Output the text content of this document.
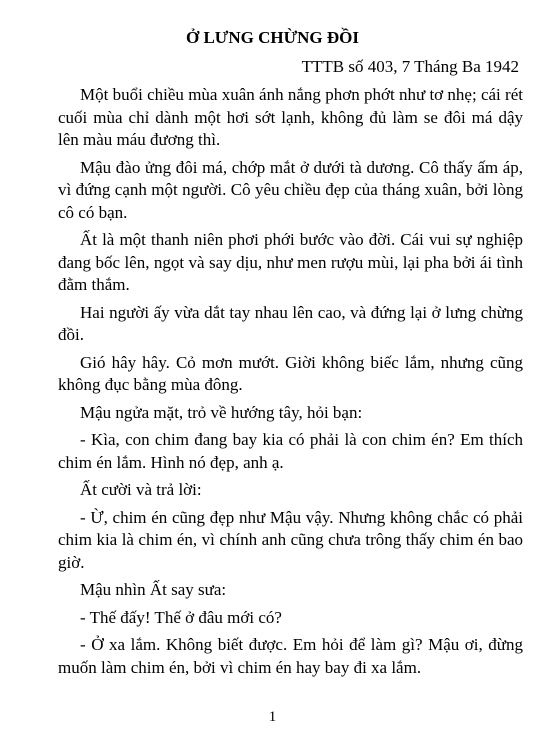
Ở LƯNG CHỪNG ĐỒI

TTTB số 403, 7 Tháng Ba 1942

Một buổi chiều mùa xuân ánh nắng phơn phớt như tơ nhẹ; cái rét cuối mùa chỉ dành một hơi sớt lạnh, không đủ làm se đôi má dậy lên màu máu đương thì.

Mậu đào ửng đôi má, chớp mắt ở dưới tà dương. Cô thấy ấm áp, vì đứng cạnh một người. Cô yêu chiều đẹp của tháng xuân, bởi lòng cô có bạn.

Ất là một thanh niên phơi phới bước vào đời. Cái vui sự nghiệp đang bốc lên, ngọt và say dịu, như men rượu mùi, lại pha bởi ái tình đằm thắm.

Hai người ấy vừa dắt tay nhau lên cao, và đứng lại ở lưng chừng đồi.

Gió hây hây. Cỏ mơn mướt. Giời không biếc lắm, nhưng cũng không đục bằng mùa đông.

Mậu ngửa mặt, trỏ về hướng tây, hỏi bạn:

- Kìa, con chim đang bay kia có phải là con chim én? Em thích chim én lắm. Hình nó đẹp, anh ạ.

Ất cười và trả lời:

- Ừ, chim én cũng đẹp như Mậu vậy. Nhưng không chắc có phải chim kia là chim én, vì chính anh cũng chưa trông thấy chim én bao giờ.

Mậu nhìn Ất say sưa:

- Thế đấy! Thế ở đâu mới có?

- Ở xa lắm. Không biết được. Em hỏi để làm gì? Mậu ơi, đừng muốn làm chim én, bởi vì chim én hay bay đi xa lắm.

1
